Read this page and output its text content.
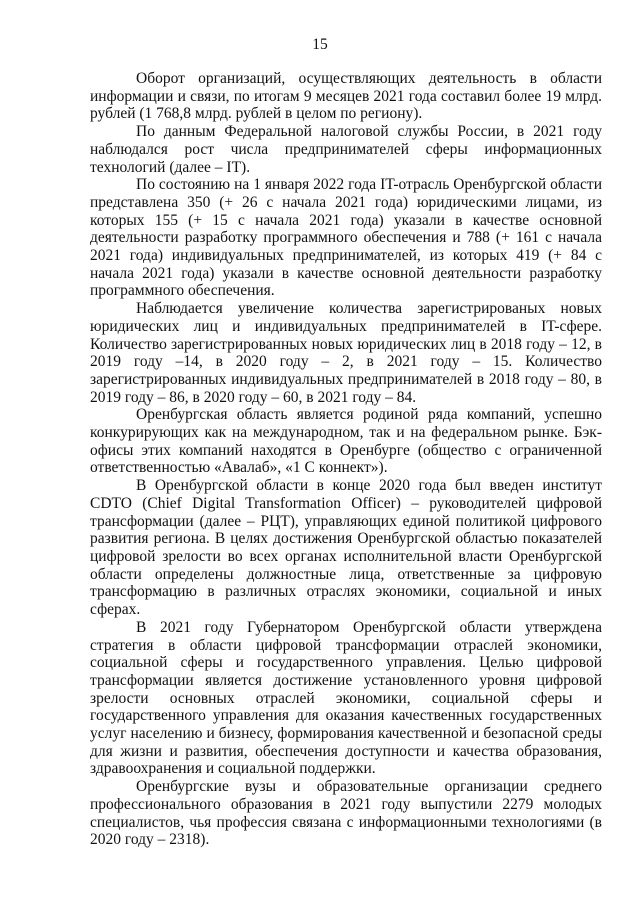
15

Оборот организаций, осуществляющих деятельность в области информации и связи, по итогам 9 месяцев 2021 года составил более 19 млрд. рублей (1 768,8 млрд. рублей в целом по региону).

По данным Федеральной налоговой службы России, в 2021 году наблюдался рост числа предпринимателей сферы информационных технологий (далее – IT).

По состоянию на 1 января 2022 года IT-отрасль Оренбургской области представлена 350 (+ 26 с начала 2021 года) юридическими лицами, из которых 155 (+ 15 с начала 2021 года) указали в качестве основной деятельности разработку программного обеспечения и 788 (+ 161 с начала 2021 года) индивидуальных предпринимателей, из которых 419 (+ 84 с начала 2021 года) указали в качестве основной деятельности разработку программного обеспечения.

Наблюдается увеличение количества зарегистрированых новых юридических лиц и индивидуальных предпринимателей в IT-сфере. Количество зарегистрированных новых юридических лиц в 2018 году – 12, в 2019 году –14, в 2020 году – 2, в 2021 году – 15. Количество зарегистрированных индивидуальных предпринимателей в 2018 году – 80, в 2019 году – 86, в 2020 году – 60, в 2021 году – 84.

Оренбургская область является родиной ряда компаний, успешно конкурирующих как на международном, так и на федеральном рынке. Бэк-офисы этих компаний находятся в Оренбурге (общество с ограниченной ответственностью «Авалаб», «1 С коннект»).

В Оренбургской области в конце 2020 года был введен институт CDTO (Chief Digital Transformation Officer) – руководителей цифровой трансформации (далее – РЦТ), управляющих единой политикой цифрового развития региона. В целях достижения Оренбургской областью показателей цифровой зрелости во всех органах исполнительной власти Оренбургской области определены должностные лица, ответственные за цифровую трансформацию в различных отраслях экономики, социальной и иных сферах.

В 2021 году Губернатором Оренбургской области утверждена стратегия в области цифровой трансформации отраслей экономики, социальной сферы и государственного управления. Целью цифровой трансформации является достижение установленного уровня цифровой зрелости основных отраслей экономики, социальной сферы и государственного управления для оказания качественных государственных услуг населению и бизнесу, формирования качественной и безопасной среды для жизни и развития, обеспечения доступности и качества образования, здравоохранения и социальной поддержки.

Оренбургские вузы и образовательные организации среднего профессионального образования в 2021 году выпустили 2279 молодых специалистов, чья профессия связана с информационными технологиями (в 2020 году – 2318).
